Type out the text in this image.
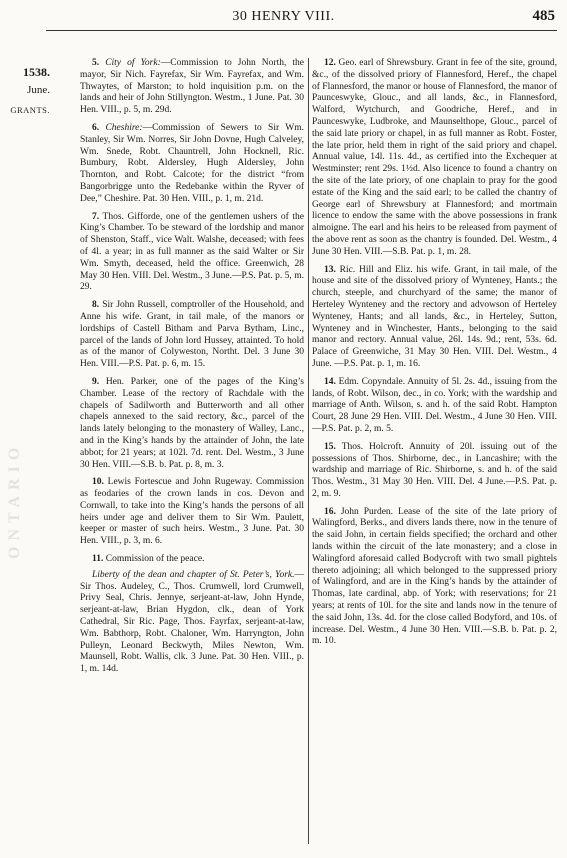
30 HENRY VIII.	485
1538.
June.
GRANTS.
ONTARIO

5. City of York:—Commission to John North, the mayor, Sir Nich. Fayrefax, Sir Wm. Fayrefax, and Wm. Thwaytes, of Marston; to hold inquisition p.m. on the lands and heir of John Stillyngton. Westm., 1 June. Pat. 30 Hen. VIII., p. 5, m. 29d.

6. Cheshire:—Commission of Sewers to Sir Wm. Stanley, Sir Wm. Norres, Sir John Dovne, Hugh Calveley, Wm. Snede, Robt. Chauntrell, John Hocknell, Ric. Bumbury, Robt. Aldersley, Hugh Aldersley, John Thornton, and Robt. Calcote; for the district “from Bangorbrigge unto the Redebanke within the Ryver of Dee,” Cheshire. Pat. 30 Hen. VIII., p. 1, m. 21d.

7. Thos. Gifforde, one of the gentlemen ushers of the King’s Chamber. To be steward of the lordship and manor of Shenston, Staff., vice Walt. Walshe, deceased; with fees of 4l. a year; in as full manner as the said Walter or Sir Wm. Smyth, deceased, held the office. Greenwich, 28 May 30 Hen. VIII. Del. Westm., 3 June.—P.S. Pat. p. 5, m. 29.

8. Sir John Russell, comptroller of the Household, and Anne his wife. Grant, in tail male, of the manors or lordships of Castell Bitham and Parva Bytham, Linc., parcel of the lands of John lord Hussey, attainted. To hold as of the manor of Colyweston, Northt. Del. 3 June 30 Hen. VIII.—P.S. Pat. p. 6, m. 15.

9. Hen. Parker, one of the pages of the King’s Chamber. Lease of the rectory of Rachdale with the chapels of Sadilworth and Butterworth and all other chapels annexed to the said rectory, &c., parcel of the lands lately belonging to the monastery of Walley, Lanc., and in the King’s hands by the attainder of John, the late abbot; for 21 years; at 102l. 7d. rent. Del. Westm., 3 June 30 Hen. VIII.—S.B. b. Pat. p. 8, m. 3.

10. Lewis Fortescue and John Rugeway. Commission as feodaries of the crown lands in cos. Devon and Cornwall, to take into the King’s hands the persons of all heirs under age and deliver them to Sir Wm. Paulett, keeper or master of such heirs. Westm., 3 June. Pat. 30 Hen. VIII., p. 3, m. 6.

11. Commission of the peace.

Liberty of the dean and chapter of St. Peter’s, York.—Sir Thos. Audeley, C., Thos. Crumwell, lord Crumwell, Privy Seal, Chris. Jennye, serjeant-at-law, John Hynde, serjeant-at-law, Brian Hygdon, clk., dean of York Cathedral, Sir Ric. Page, Thos. Fayrfax, serjeant-at-law, Wm. Babthorp, Robt. Chaloner, Wm. Harryngton, John Pulleyn, Leonard Beckwyth, Miles Newton, Wm. Maunsell, Robt. Wallis, clk. 3 June. Pat. 30 Hen. VIII., p. 1, m. 14d.

12. Geo. earl of Shrewsbury. Grant in fee of the site, ground, &c., of the dissolved priory of Flannesford, Heref., the chapel of Flannesford, the manor or house of Flannesford, the manor of Paunceswyke, Glouc., and all lands, &c., in Flannesford, Walford, Wytchurch, and Goodriche, Heref., and in Paunceswyke, Ludbroke, and Maunselthope, Glouc., parcel of the said late priory or chapel, in as full manner as Robt. Foster, the late prior, held them in right of the said priory and chapel. Annual value, 14l. 11s. 4d., as certified into the Exchequer at Westminster; rent 29s. 1½d. Also licence to found a chantry on the site of the late priory, of one chaplain to pray for the good estate of the King and the said earl; to be called the chantry of George earl of Shrewsbury at Flannesford; and mortmain licence to endow the same with the above possessions in frank almoigne. The earl and his heirs to be released from payment of the above rent as soon as the chantry is founded. Del. Westm., 4 June 30 Hen. VIII.—S.B. Pat. p. 1, m. 28.

13. Ric. Hill and Eliz. his wife. Grant, in tail male, of the house and site of the dissolved priory of Wynteney, Hants.; the church, steeple, and churchyard of the same; the manor of Herteley Wynteney and the rectory and advowson of Herteley Wynteney, Hants; and all lands, &c., in Herteley, Sutton, Wynteney and in Winchester, Hants., belonging to the said manor and rectory. Annual value, 26l. 14s. 9d.; rent, 53s. 6d. Palace of Greenwiche, 31 May 30 Hen. VIII. Del. Westm., 4 June. —P.S. Pat. p. 1, m. 16.

14. Edm. Copyndale. Annuity of 5l. 2s. 4d., issuing from the lands, of Robt. Wilson, dec., in co. York; with the wardship and marriage of Anth. Wilson, s. and h. of the said Robt. Hampton Court, 28 June 29 Hen. VIII. Del. Westm., 4 June 30 Hen. VIII.—P.S. Pat. p. 2, m. 5.

15. Thos. Holcroft. Annuity of 20l. issuing out of the possessions of Thos. Shirborne, dec., in Lancashire; with the wardship and marriage of Ric. Shirborne, s. and h. of the said Thos. Westm., 31 May 30 Hen. VIII. Del. 4 June.—P.S. Pat. p. 2, m. 9.

16. John Purden. Lease of the site of the late priory of Walingford, Berks., and divers lands there, now in the tenure of the said John, in certain fields specified; the orchard and other lands within the circuit of the late monastery; and a close in Walingford aforesaid called Bodycroft with two small pightels thereto adjoining; all which belonged to the suppressed priory of Walingford, and are in the King’s hands by the attainder of Thomas, late cardinal, abp. of York; with reservations; for 21 years; at rents of 10l. for the site and lands now in the tenure of the said John, 13s. 4d. for the close called Bodyford, and 10s. of increase. Del. Westm., 4 June 30 Hen. VIII.—S.B. b. Pat. p. 2, m. 10.
